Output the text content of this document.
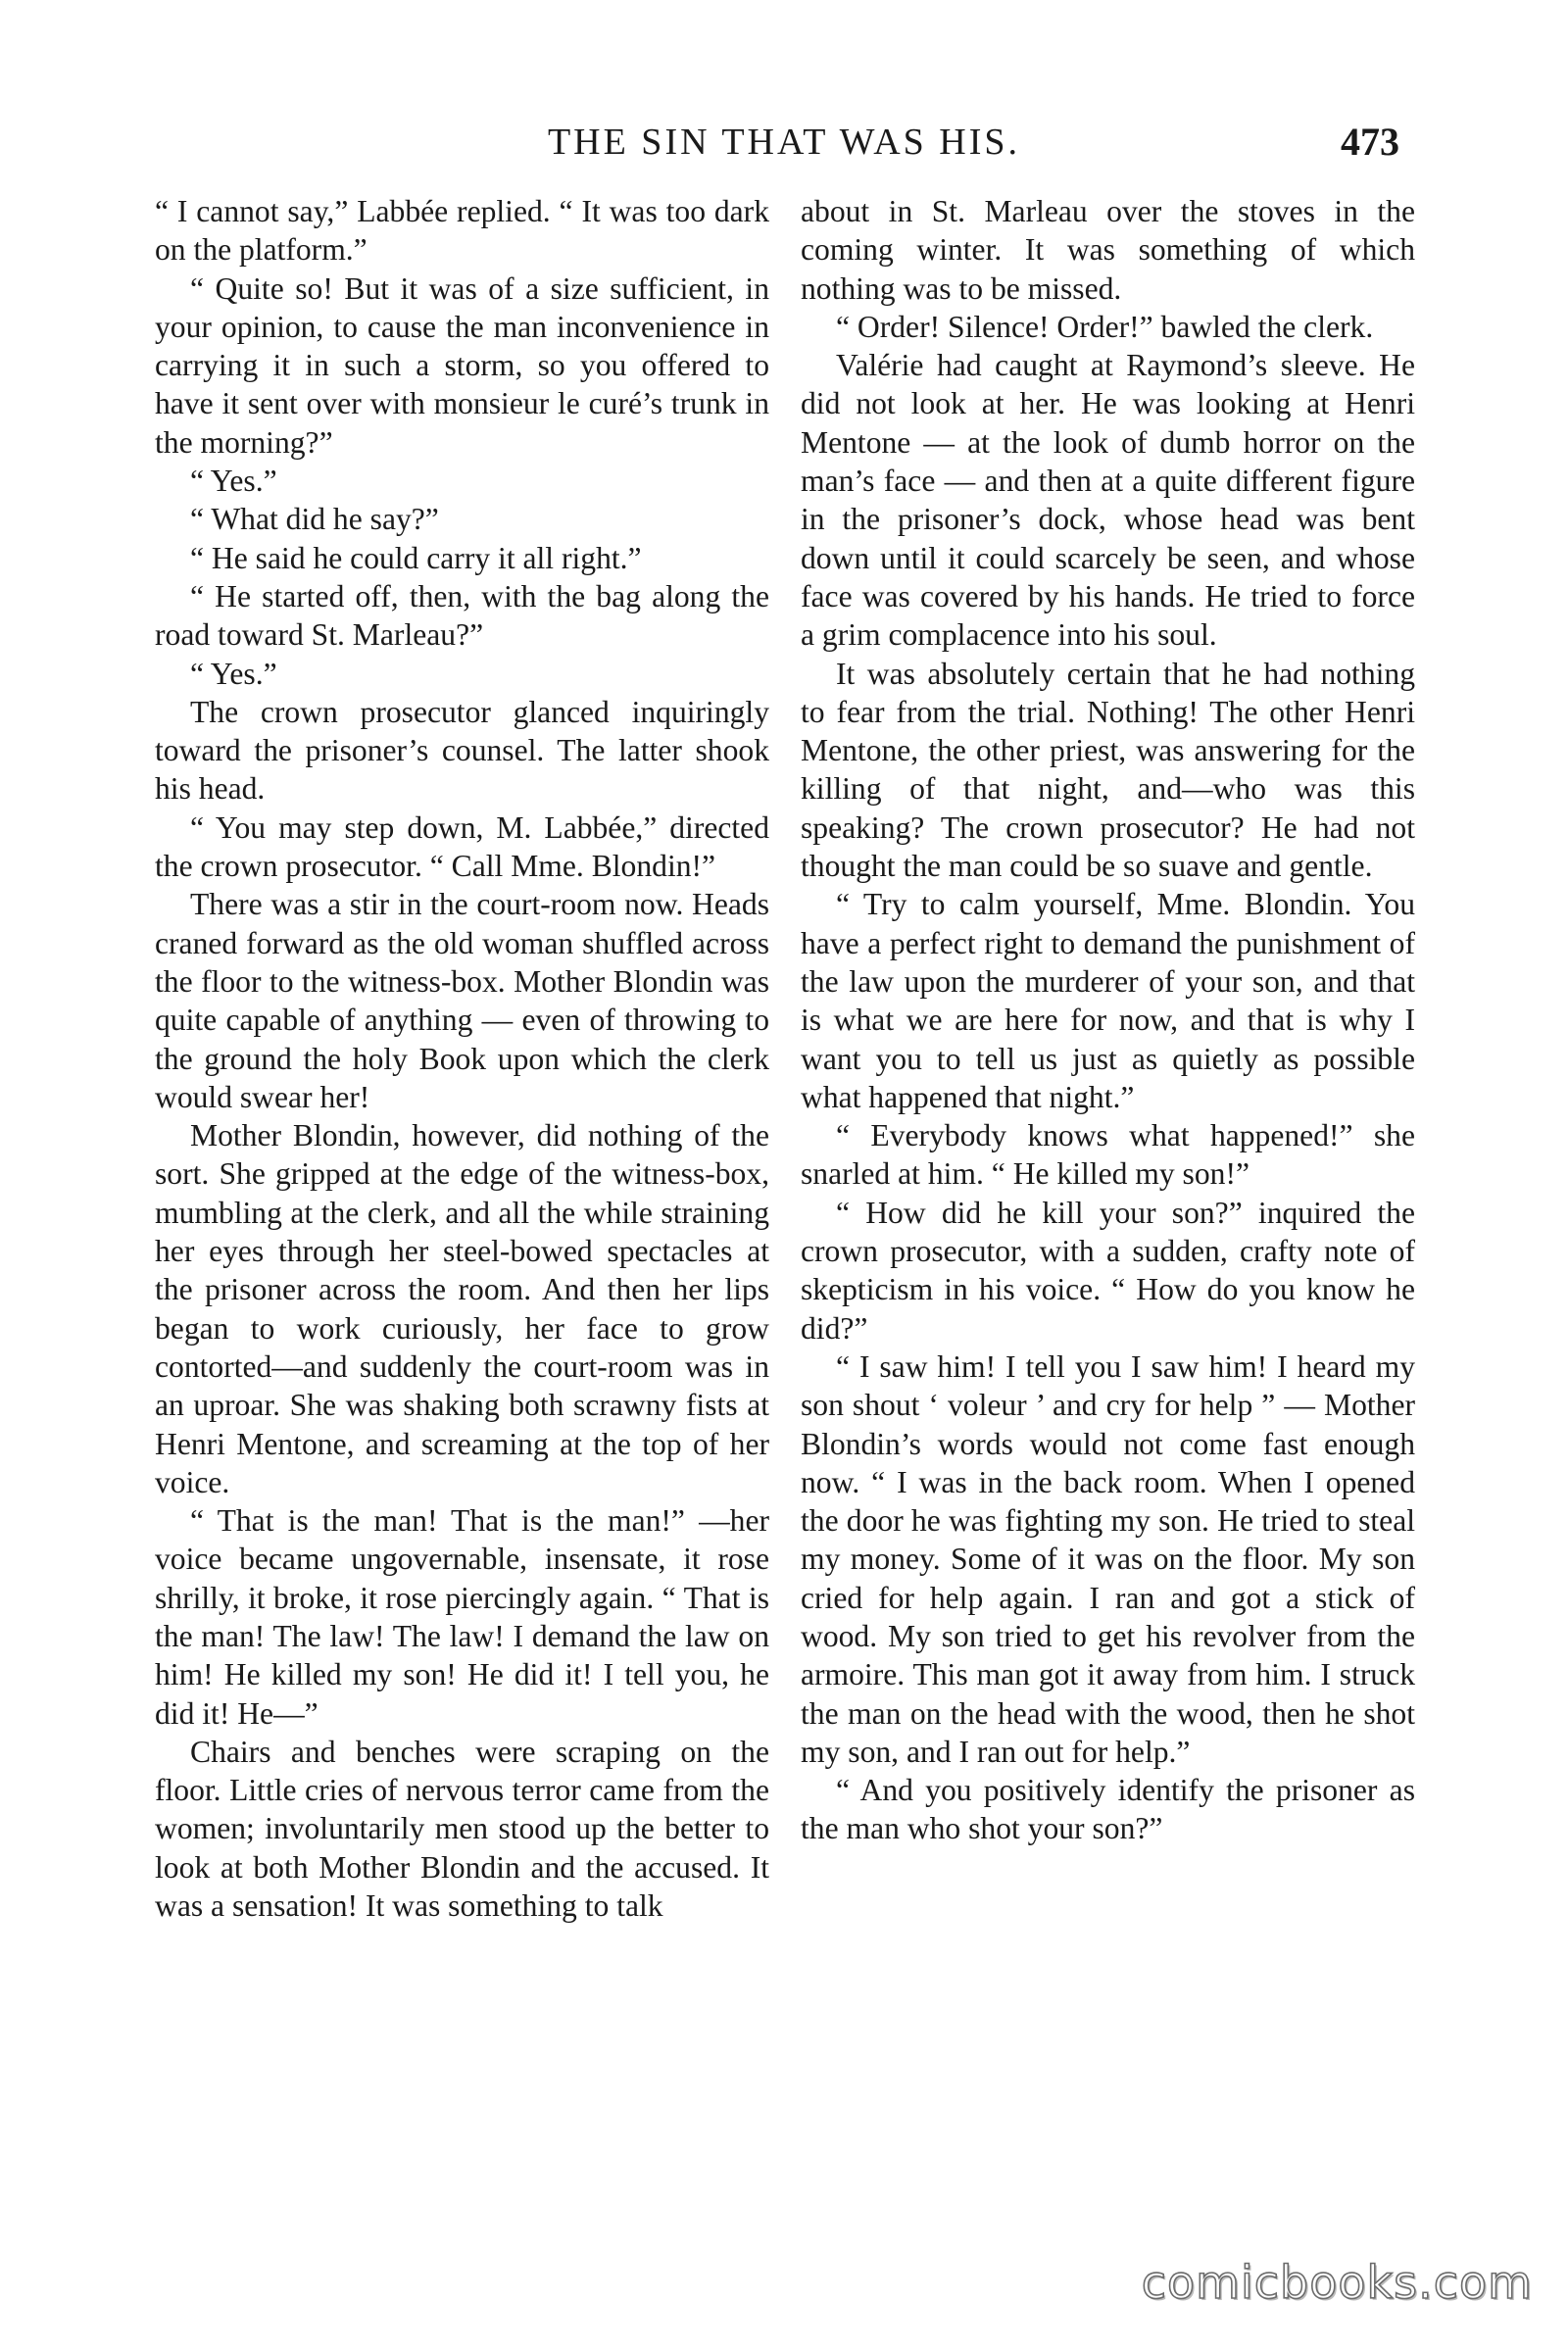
THE SIN THAT WAS HIS.	473

“ I cannot say,” Labbée replied. “ It was too dark on the platform.”

“ Quite so! But it was of a size sufficient, in your opinion, to cause the man inconvenience in carrying it in such a storm, so you offered to have it sent over with monsieur le curé’s trunk in the morning?”

“ Yes.”

“ What did he say?”

“ He said he could carry it all right.”

“ He started off, then, with the bag along the road toward St. Marleau?”

“ Yes.”

The crown prosecutor glanced inquiringly toward the prisoner’s counsel. The latter shook his head.

“ You may step down, M. Labbée,” directed the crown prosecutor. “ Call Mme. Blondin!”

There was a stir in the court-room now. Heads craned forward as the old woman shuffled across the floor to the witness-box. Mother Blondin was quite capable of anything — even of throwing to the ground the holy Book upon which the clerk would swear her!

Mother Blondin, however, did nothing of the sort. She gripped at the edge of the witness-box, mumbling at the clerk, and all the while straining her eyes through her steel-bowed spectacles at the prisoner across the room. And then her lips began to work curiously, her face to grow contorted—and suddenly the court-room was in an uproar. She was shaking both scrawny fists at Henri Mentone, and screaming at the top of her voice.

“ That is the man! That is the man!” —her voice became ungovernable, insensate, it rose shrilly, it broke, it rose piercingly again. “ That is the man! The law! The law! I demand the law on him! He killed my son! He did it! I tell you, he did it! He—”

Chairs and benches were scraping on the floor. Little cries of nervous terror came from the women; involuntarily men stood up the better to look at both Mother Blondin and the accused. It was a sensation! It was something to talk

about in St. Marleau over the stoves in the coming winter. It was something of which nothing was to be missed.

“ Order! Silence! Order!” bawled the clerk.

Valérie had caught at Raymond’s sleeve. He did not look at her. He was looking at Henri Mentone — at the look of dumb horror on the man’s face — and then at a quite different figure in the prisoner’s dock, whose head was bent down until it could scarcely be seen, and whose face was covered by his hands. He tried to force a grim complacence into his soul.

It was absolutely certain that he had nothing to fear from the trial. Nothing! The other Henri Mentone, the other priest, was answering for the killing of that night, and—who was this speaking? The crown prosecutor? He had not thought the man could be so suave and gentle.

“ Try to calm yourself, Mme. Blondin. You have a perfect right to demand the punishment of the law upon the murderer of your son, and that is what we are here for now, and that is why I want you to tell us just as quietly as possible what happened that night.”

“ Everybody knows what happened!” she snarled at him. “ He killed my son!”

“ How did he kill your son?” inquired the crown prosecutor, with a sudden, crafty note of skepticism in his voice. “ How do you know he did?”

“ I saw him! I tell you I saw him! I heard my son shout ‘ voleur ’ and cry for help ” — Mother Blondin’s words would not come fast enough now. “ I was in the back room. When I opened the door he was fighting my son. He tried to steal my money. Some of it was on the floor. My son cried for help again. I ran and got a stick of wood. My son tried to get his revolver from the armoire. This man got it away from him. I struck the man on the head with the wood, then he shot my son, and I ran out for help.”

“ And you positively identify the prisoner as the man who shot your son?”

comicbooks.com
